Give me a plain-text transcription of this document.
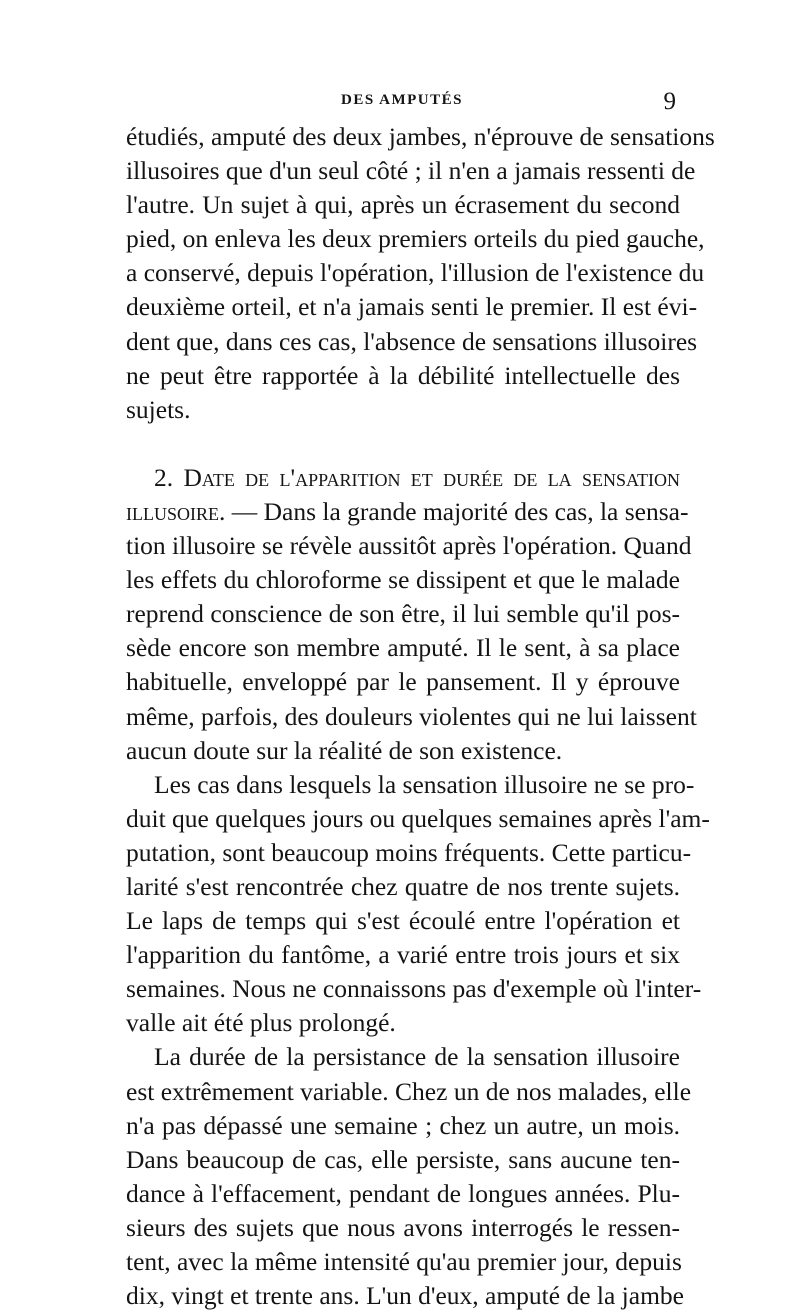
DES AMPUTÉS	9
étudiés, amputé des deux jambes, n'éprouve de sensations
illusoires que d'un seul côté ; il n'en a jamais ressenti de
l'autre. Un sujet à qui, après un écrasement du second
pied, on enleva les deux premiers orteils du pied gauche,
a conservé, depuis l'opération, l'illusion de l'existence du
deuxième orteil, et n'a jamais senti le premier. Il est évi-
dent que, dans ces cas, l'absence de sensations illusoires
ne peut être rapportée à la débilité intellectuelle des
sujets.
2. Date de l'apparition et durée de la sensation
illusoire. — Dans la grande majorité des cas, la sensa-
tion illusoire se révèle aussitôt après l'opération. Quand
les effets du chloroforme se dissipent et que le malade
reprend conscience de son être, il lui semble qu'il pos-
sède encore son membre amputé. Il le sent, à sa place
habituelle, enveloppé par le pansement. Il y éprouve
même, parfois, des douleurs violentes qui ne lui laissent
aucun doute sur la réalité de son existence.
Les cas dans lesquels la sensation illusoire ne se pro-
duit que quelques jours ou quelques semaines après l'am-
putation, sont beaucoup moins fréquents. Cette particu-
larité s'est rencontrée chez quatre de nos trente sujets.
Le laps de temps qui s'est écoulé entre l'opération et
l'apparition du fantôme, a varié entre trois jours et six
semaines. Nous ne connaissons pas d'exemple où l'inter-
valle ait été plus prolongé.
La durée de la persistance de la sensation illusoire
est extrêmement variable. Chez un de nos malades, elle
n'a pas dépassé une semaine ; chez un autre, un mois.
Dans beaucoup de cas, elle persiste, sans aucune ten-
dance à l'effacement, pendant de longues années. Plu-
sieurs des sujets que nous avons interrogés le ressen-
tent, avec la même intensité qu'au premier jour, depuis
dix, vingt et trente ans. L'un d'eux, amputé de la jambe
